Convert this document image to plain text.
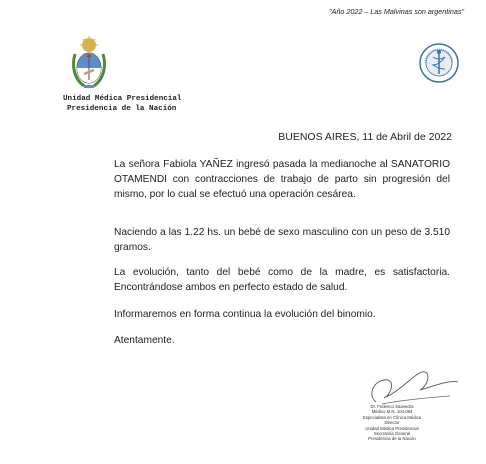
"Año 2022 – Las Malvinas son argentinas"
Unidad Médica Presidencial
Presidencia de la Nación
BUENOS AIRES, 11 de Abril de 2022
La señora Fabiola YAÑEZ ingresó pasada la medianoche al SANATORIO OTAMENDI con contracciones de trabajo de parto sin progresión del mismo, por lo cual se efectuó una operación cesárea.
Naciendo a las 1.22 hs. un bebé de sexo masculino con un peso de 3.510 gramos.
La evolución, tanto del bebé como de la madre, es satisfactoria. Encontrándose ambos en perfecto estado de salud.
Informaremos en forma continua la evolución del binomio.
Atentamente.
Dr. Federico Saavedra
Médico M.N. 104.084
Especialista en Clínica Médica
Director
Unidad Médica Presidencial
Secretaría General
Presidencia de la Nación
